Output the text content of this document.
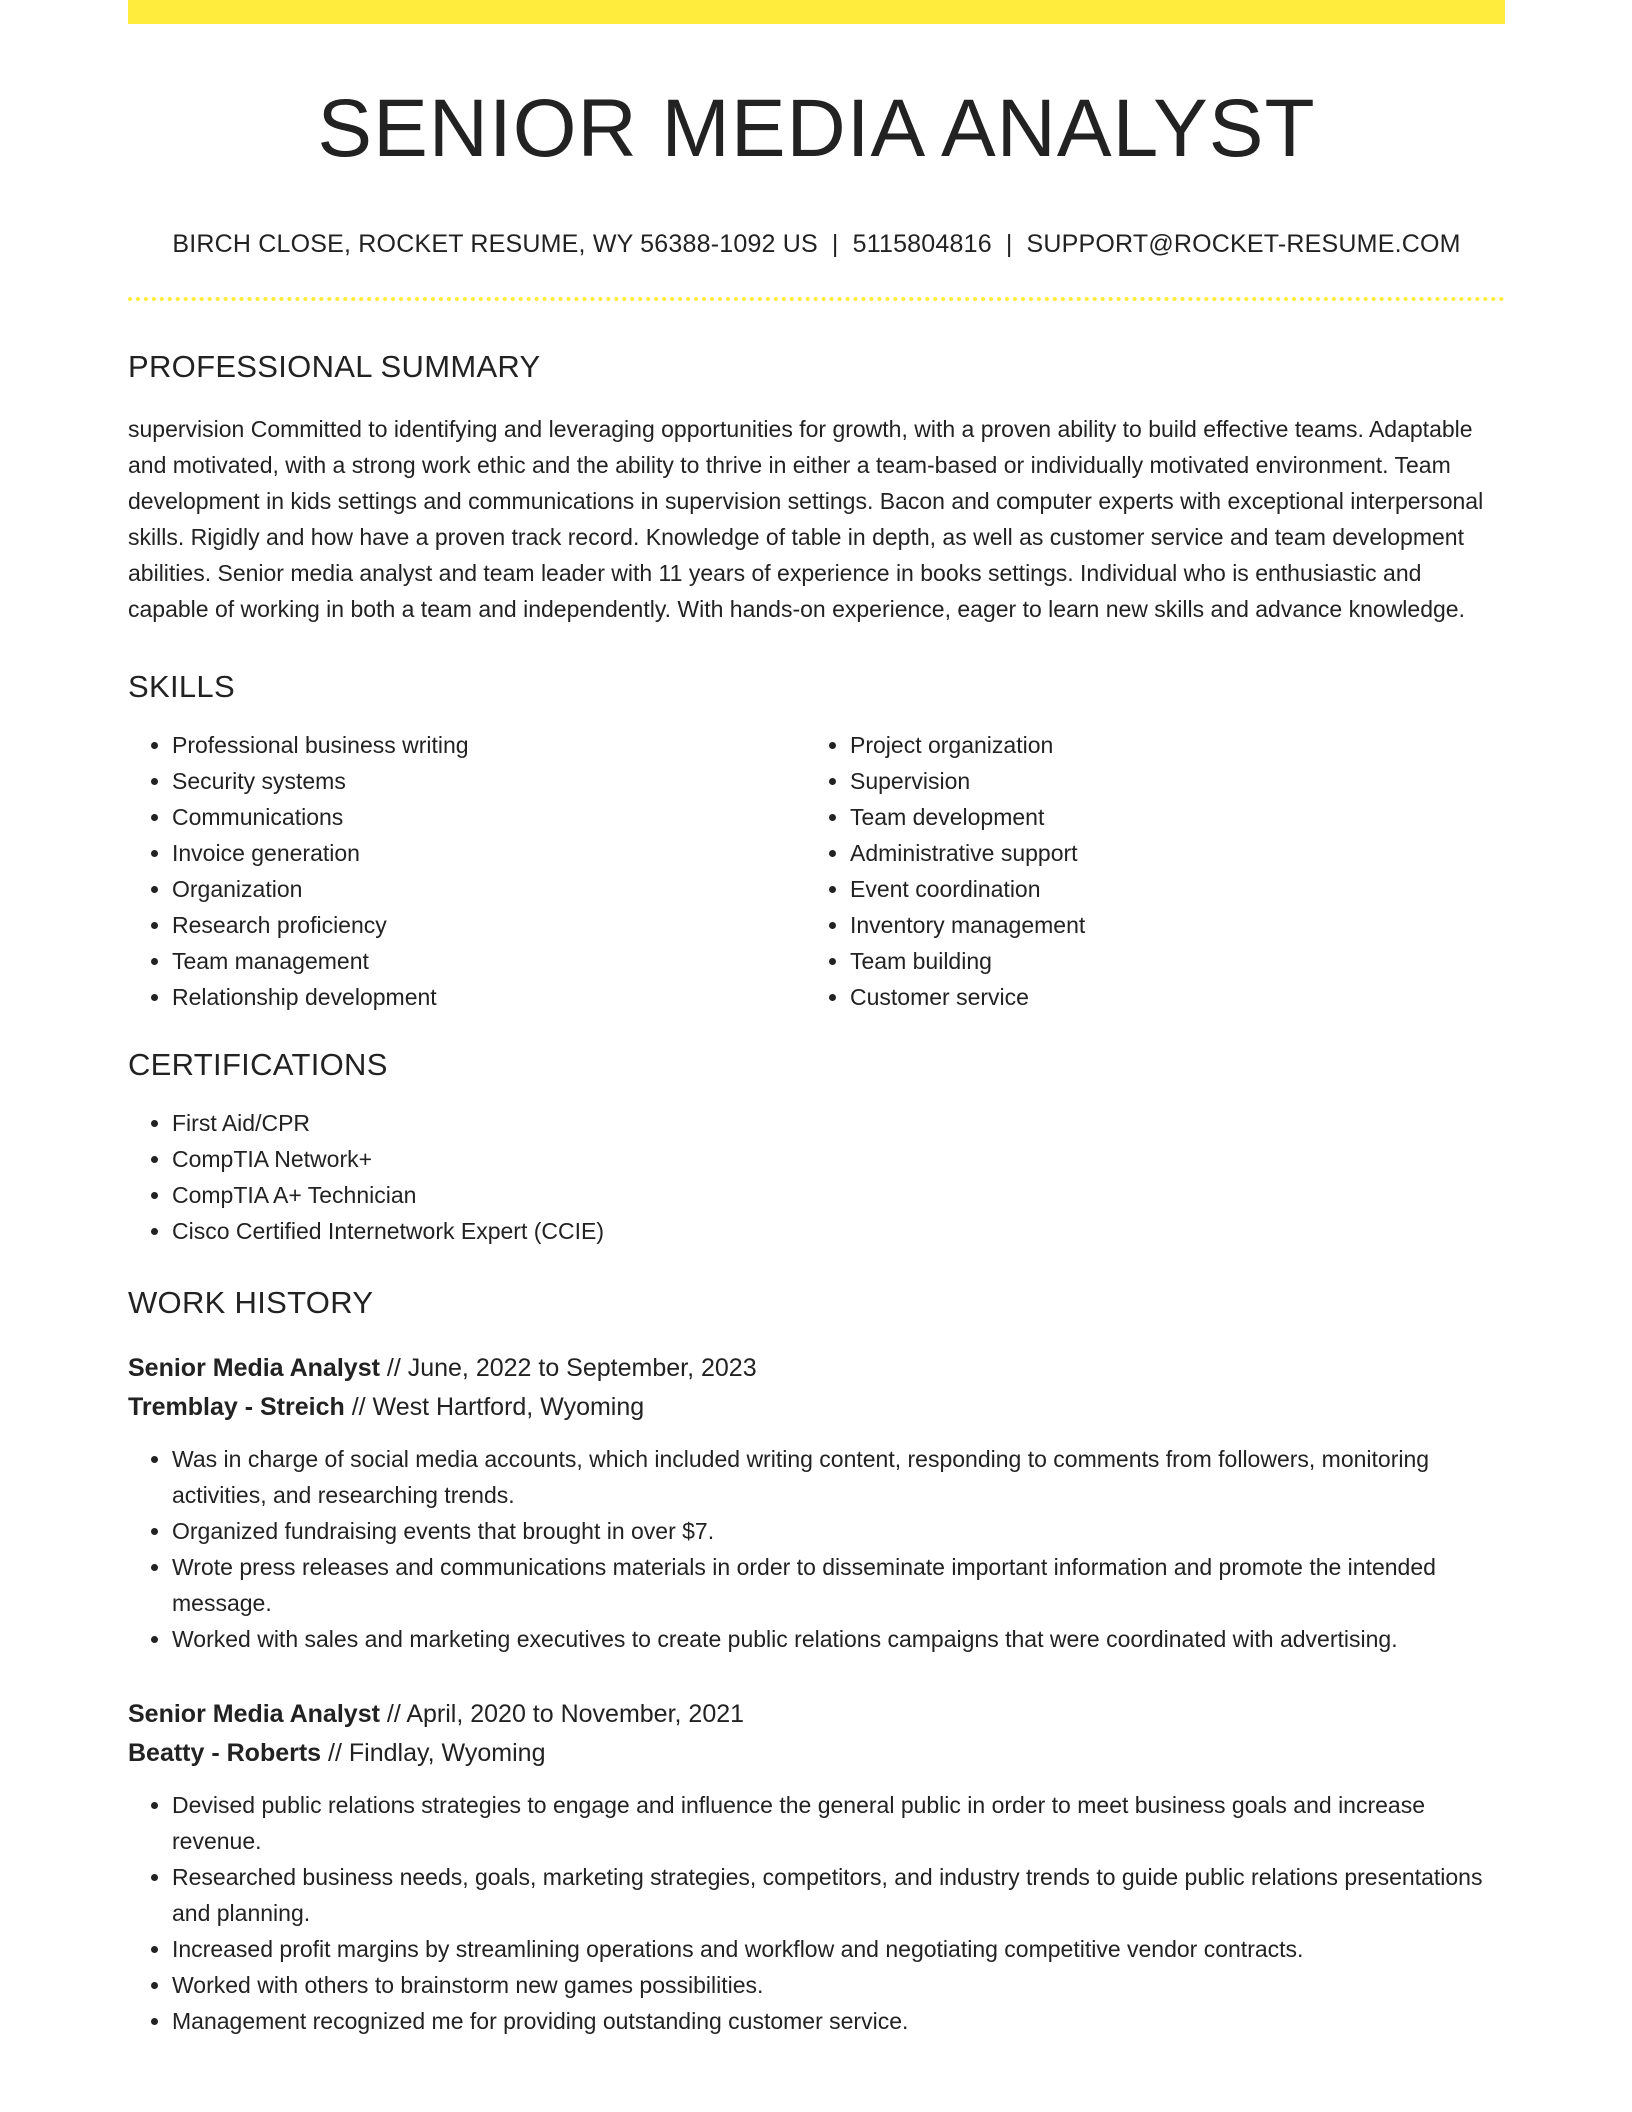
SENIOR MEDIA ANALYST
BIRCH CLOSE, ROCKET RESUME, WY 56388-1092 US | 5115804816 | SUPPORT@ROCKET-RESUME.COM
PROFESSIONAL SUMMARY

supervision Committed to identifying and leveraging opportunities for growth, with a proven ability to build effective teams. Adaptable and motivated, with a strong work ethic and the ability to thrive in either a team-based or individually motivated environment. Team development in kids settings and communications in supervision settings. Bacon and computer experts with exceptional interpersonal skills. Rigidly and how have a proven track record. Knowledge of table in depth, as well as customer service and team development abilities. Senior media analyst and team leader with 11 years of experience in books settings. Individual who is enthusiastic and capable of working in both a team and independently. With hands-on experience, eager to learn new skills and advance knowledge.

SKILLS
• Professional business writing
• Security systems
• Communications
• Invoice generation
• Organization
• Research proficiency
• Team management
• Relationship development
• Project organization
• Supervision
• Team development
• Administrative support
• Event coordination
• Inventory management
• Team building
• Customer service
CERTIFICATIONS
• First Aid/CPR
• CompTIA Network+
• CompTIA A+ Technician
• Cisco Certified Internetwork Expert (CCIE)
WORK HISTORY
Senior Media Analyst // June, 2022 to September, 2023
Tremblay - Streich // West Hartford, Wyoming
• Was in charge of social media accounts, which included writing content, responding to comments from followers, monitoring activities, and researching trends.
• Organized fundraising events that brought in over $7.
• Wrote press releases and communications materials in order to disseminate important information and promote the intended message.
• Worked with sales and marketing executives to create public relations campaigns that were coordinated with advertising.
Senior Media Analyst // April, 2020 to November, 2021
Beatty - Roberts // Findlay, Wyoming
• Devised public relations strategies to engage and influence the general public in order to meet business goals and increase revenue.
• Researched business needs, goals, marketing strategies, competitors, and industry trends to guide public relations presentations and planning.
• Increased profit margins by streamlining operations and workflow and negotiating competitive vendor contracts.
• Worked with others to brainstorm new games possibilities.
• Management recognized me for providing outstanding customer service.
